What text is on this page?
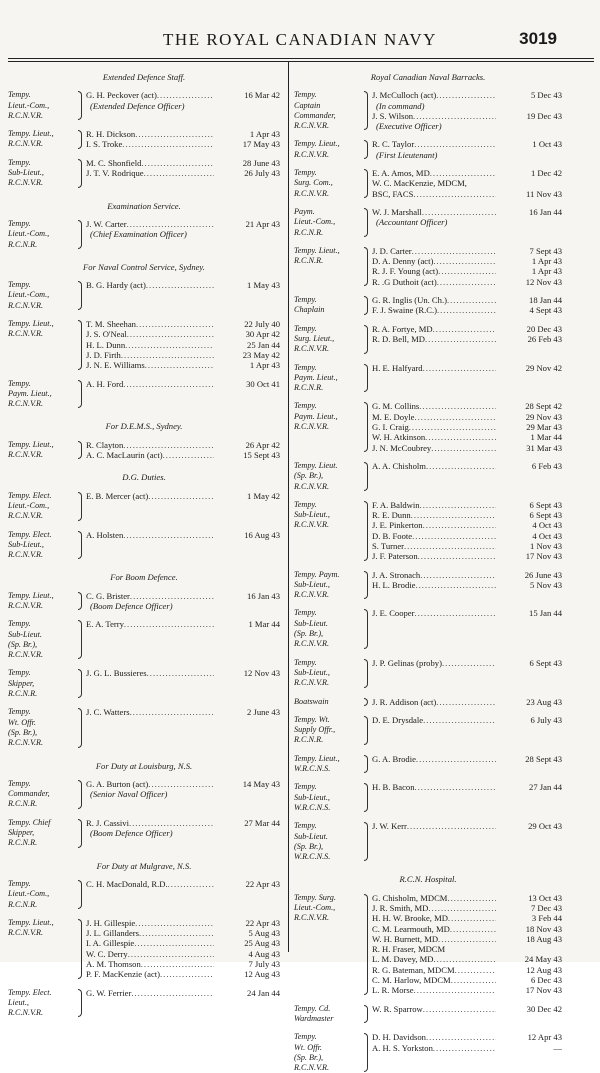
THE ROYAL CANADIAN NAVY	3019
Extended Defence Staff.
Tempy.
Lieut.-Com.,
R.C.N.V.R.
G. H. Peckover (act) .....	16 Mar 42
(Extended Defence Officer)
Tempy. Lieut.,
R.C.N.V.R.
R. H. Dickson .....	1 Apr 43
I. S. Troke .....	17 May 43
Tempy.
Sub-Lieut.,
R.C.N.V.R.
M. C. Shonfield .....	28 June 43
J. T. V. Rodrique .....	26 July 43
Examination Service.
Tempy.
Lieut.-Com.,
R.C.N.R.
J. W. Carter .....	21 Apr 43
(Chief Examination Officer)
For Naval Control Service, Sydney.
Tempy.
Lieut.-Com.,
R.C.N.V.R.
B. G. Hardy (act) .....	1 May 43
Tempy. Lieut.,
R.C.N.V.R.
T. M. Sheehan .....	22 July 40
J. S. O'Neal .....	30 Apr 42
H. L. Dunn .....	25 Jan 44
J. D. Firth .....	23 May 42
J. N. E. Williams .....	1 Apr 43
Tempy.
Paym. Lieut.,
R.C.N.V.R.
A. H. Ford .....	30 Oct 41
For D.E.M.S., Sydney.
Tempy. Lieut.,
R.C.N.V.R.
R. Clayton .....	26 Apr 42
A. C. MacLaurin (act) .....	15 Sept 43
D.G. Duties.
Tempy. Elect.
Lieut.-Com.,
R.C.N.V.R.
E. B. Mercer (act) .....	1 May 42
Tempy. Elect.
Sub-Lieut.,
R.C.N.V.R.
A. Holsten .....	16 Aug 43
For Boom Defence.
Tempy. Lieut.,
R.C.N.V.R.
C. G. Brister .....	16 Jan 43
(Boom Defence Officer)
Tempy.
Sub-Lieut.
(Sp. Br.),
R.C.N.V.R.
E. A. Terry .....	1 Mar 44
Tempy.
Skipper,
R.C.N.R.
J. G. L. Bussieres .....	12 Nov 43
Tempy.
Wt. Offr.
(Sp. Br.),
R.C.N.V.R.
J. C. Watters .....	2 June 43
For Duty at Louisburg, N.S.
Tempy.
Commander,
R.C.N.R.
G. A. Burton (act) .....	14 May 43
(Senior Naval Officer)
Tempy. Chief
Skipper,
R.C.N.R.
R. J. Cassivi .....	27 Mar 44
(Boom Defence Officer)
For Duty at Mulgrave, N.S.
Tempy.
Lieut.-Com.,
R.C.N.R.
C. H. MacDonald, R.D. .....	22 Apr 43
Tempy. Lieut.,
R.C.N.V.R.
J. H. Gillespie .....	22 Apr 43
J. L. Gillanders .....	5 Aug 43
I. A. Gillespie .....	25 Aug 43
W. C. Derry .....	4 Aug 43
A. M. Thomson .....	7 July 43
P. F. MacKenzie (act) .....	12 Aug 43
Tempy. Elect.
Lieut.,
R.C.N.V.R.
G. W. Ferrier .....	24 Jan 44
Royal Canadian Naval Barracks.
Tempy.
Captain
Commander,
R.C.N.V.R.
J. McCulloch (act) .....	5 Dec 43
(In command)
J. S. Wilson .....	19 Dec 43
(Executive Officer)
Tempy. Lieut.,
R.C.N.V.R.
R. C. Taylor .....	1 Oct 43
(First Lieutenant)
Tempy.
Surg. Com.,
R.C.N.V.R.
E. A. Amos, MD .....	1 Dec 42
W. C. MacKenzie, MDCM,
BSC, FACS .....	11 Nov 43
Paym.
Lieut.-Com.,
R.C.N.R.
W. J. Marshall .....	16 Jan 44
(Accountant Officer)
Tempy. Lieut.,
R.C.N.R.
J. D. Carter .....	7 Sept 43
D. A. Denny (act) .....	1 Apr 43
R. J. F. Young (act) .....	1 Apr 43
R. .G Duthoit (act) .....	12 Nov 43
Tempy.
Chaplain
G. R. Inglis (Un. Ch.) .....	18 Jan 44
F. J. Swaine (R.C.) .....	4 Sept 43
Tempy.
Surg. Lieut.,
R.C.N.V.R.
R. A. Fortye, MD .....	20 Dec 43
R. D. Bell, MD .....	26 Feb 43
Tempy.
Paym. Lieut.,
R.C.N.R.
H. E. Halfyard .....	29 Nov 42
Tempy.
Paym. Lieut.,
R.C.N.V.R.
G. M. Collins .....	28 Sept 42
M. E. Doyle .....	29 Nov 43
G. I. Craig .....	29 Mar 43
W. H. Atkinson .....	1 Mar 44
J. N. McCoubrey .....	31 Mar 43
Tempy. Lieut.
(Sp. Br.),
R.C.N.V.R.
A. A. Chisholm .....	6 Feb 43
Tempy.
Sub-Lieut.,
R.C.N.V.R.
F. A. Baldwin .....	6 Sept 43
R. E. Dunn .....	6 Sept 43
J. E. Pinkerton .....	4 Oct 43
D. B. Foote .....	4 Oct 43
S. Turner .....	1 Nov 43
J. F. Paterson .....	17 Nov 43
Tempy. Paym.
Sub-Lieut.,
R.C.N.V.R.
J. A. Stronach .....	26 June 43
H. L. Brodie .....	5 Nov 43
Tempy.
Sub-Lieut.
(Sp. Br.),
R.C.N.V.R.
J. E. Cooper .....	15 Jan 44
Tempy.
Sub-Lieut.,
R.C.N.V.R.
J. P. Gelinas (proby) .....	6 Sept 43
Boatswain	J. R. Addison (act) .....	23 Aug 43
Tempy. Wt.
Supply Offr.,
R.C.N.R.
D. E. Drysdale .....	6 July 43
Tempy. Lieut.,
W.R.C.N.S.
G. A. Brodie .....	28 Sept 43
Tempy.
Sub-Lieut.,
W.R.C.N.S.
H. B. Bacon .....	27 Jan 44
Tempy.
Sub-Lieut.
(Sp. Br.),
W.R.C.N.S.
J. W. Kerr .....	29 Oct 43
R.C.N. Hospital.
Tempy. Surg.
Lieut.-Com.,
R.C.N.V.R.
G. Chisholm, MDCM .....	13 Oct 43
J. R. Smith, MD .....	7 Dec 43
H. H. W. Brooke, MD .....	3 Feb 44
C. M. Learmouth, MD .....	18 Nov 43
W. H. Burnett, MD .....	18 Aug 43
R. H. Fraser, MDCM
L. M. Davey, MD .....	24 May 43
R. G. Bateman, MDCM .....	12 Aug 43
C. M. Harlow, MDCM .....	6 Dec 43
L. R. Morse .....	17 Nov 43
Tempy. Cd.
Wardmaster
W. R. Sparrow .....	30 Dec 42
Tempy.
Wt. Offr.
(Sp. Br.),
R.C.N.V.R.
D. H. Davidson .....	12 Apr 43
A. H. S. Yorkston .....	—
